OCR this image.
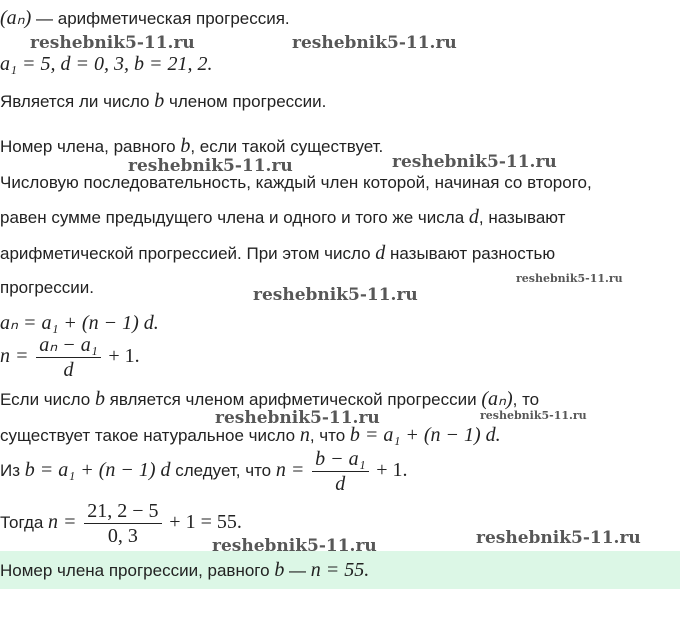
(aₙ) — арифметическая прогрессия.
a₁ = 5, d = 0, 3, b = 21, 2.
Является ли число b членом прогрессии.
Номер члена, равного b, если такой существует.
Числовую последовательность, каждый член которой, начиная со второго,
равен сумме предыдущего члена и одного и того же числа d, называют
арифметической прогрессией. При этом число d называют разностью
прогрессии.
aₙ = a₁ + (n − 1) d.
$n = \frac{\text{aₙ − a₁}}{d} + 1$.
Если число b является членом арифметической прогрессии (aₙ), то
существует такое натуральное число n, что b = a₁ + (n − 1) d.
Из b = a₁ + (n − 1) d следует, что $n = \frac{\text{b − a₁}}{d} + 1$.
Тогда $n = \frac{21, 2 - 5}{0, 3} + 1 = 55$.
Номер члена прогрессии, равного b — n = 55.
reshebnik5-11.ru	reshebnik5-11.ru
reshebnik5-11.ru	reshebnik5-11.ru
reshebnik5-11.ru
reshebnik5-11.ru
reshebnik5-11.ru	reshebnik5-11.ru
reshebnik5-11.ru	reshebnik5-11.ru
